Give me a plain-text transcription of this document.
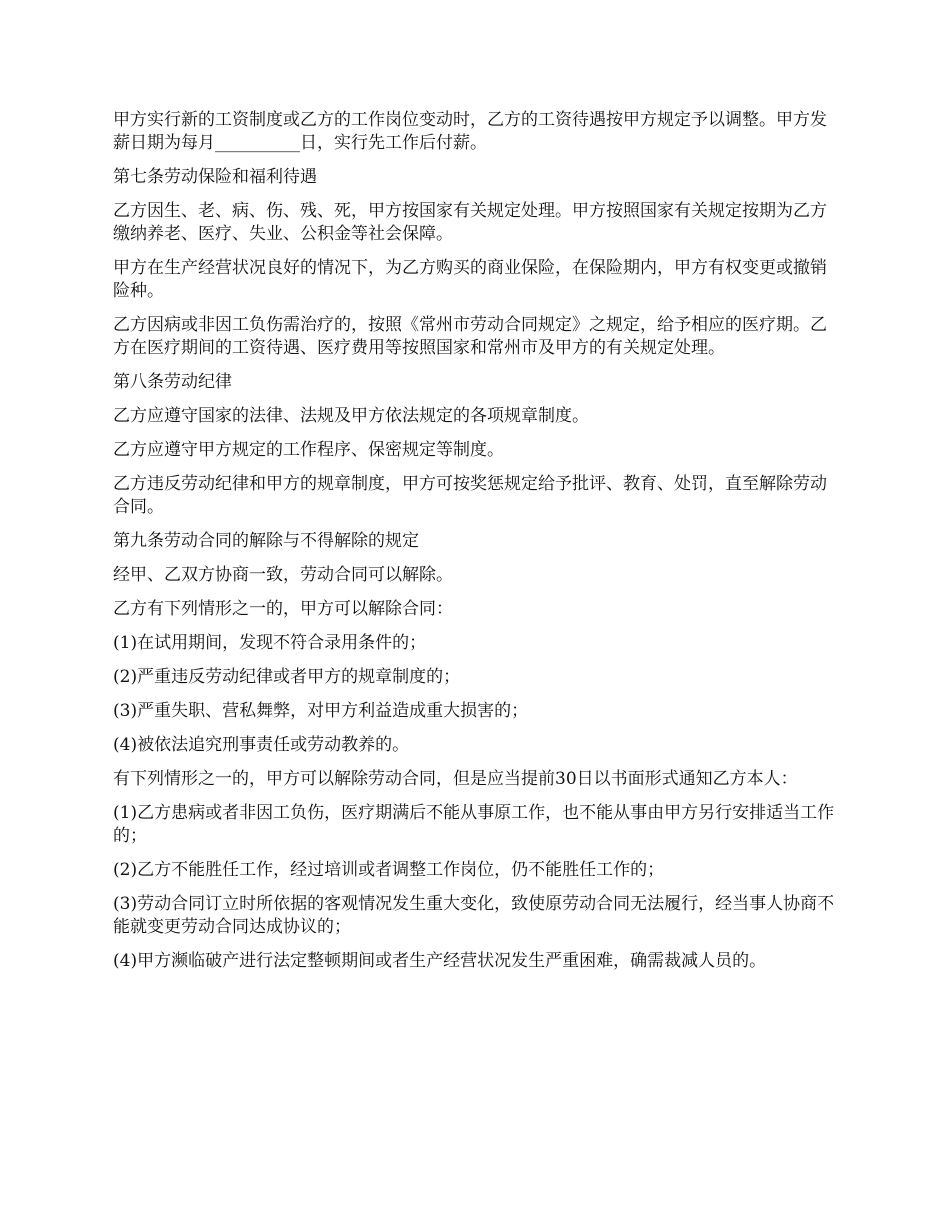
甲方实行新的工资制度或乙方的工作岗位变动时，乙方的工资待遇按甲方规定予以调整。甲方发薪日期为每月__________日，实行先工作后付薪。

第七条劳动保险和福利待遇

乙方因生、老、病、伤、残、死，甲方按国家有关规定处理。甲方按照国家有关规定按期为乙方缴纳养老、医疗、失业、公积金等社会保障。

甲方在生产经营状况良好的情况下，为乙方购买的商业保险，在保险期内，甲方有权变更或撤销险种。

乙方因病或非因工负伤需治疗的，按照《常州市劳动合同规定》之规定，给予相应的医疗期。乙方在医疗期间的工资待遇、医疗费用等按照国家和常州市及甲方的有关规定处理。

第八条劳动纪律

乙方应遵守国家的法律、法规及甲方依法规定的各项规章制度。

乙方应遵守甲方规定的工作程序、保密规定等制度。

乙方违反劳动纪律和甲方的规章制度，甲方可按奖惩规定给予批评、教育、处罚，直至解除劳动合同。

第九条劳动合同的解除与不得解除的规定

经甲、乙双方协商一致，劳动合同可以解除。

乙方有下列情形之一的，甲方可以解除合同：

(1)在试用期间，发现不符合录用条件的；

(2)严重违反劳动纪律或者甲方的规章制度的；

(3)严重失职、营私舞弊，对甲方利益造成重大损害的；

(4)被依法追究刑事责任或劳动教养的。

有下列情形之一的，甲方可以解除劳动合同，但是应当提前30日以书面形式通知乙方本人：

(1)乙方患病或者非因工负伤，医疗期满后不能从事原工作，也不能从事由甲方另行安排适当工作的；

(2)乙方不能胜任工作，经过培训或者调整工作岗位，仍不能胜任工作的；

(3)劳动合同订立时所依据的客观情况发生重大变化，致使原劳动合同无法履行，经当事人协商不能就变更劳动合同达成协议的；

(4)甲方濒临破产进行法定整顿期间或者生产经营状况发生严重困难，确需裁减人员的。
